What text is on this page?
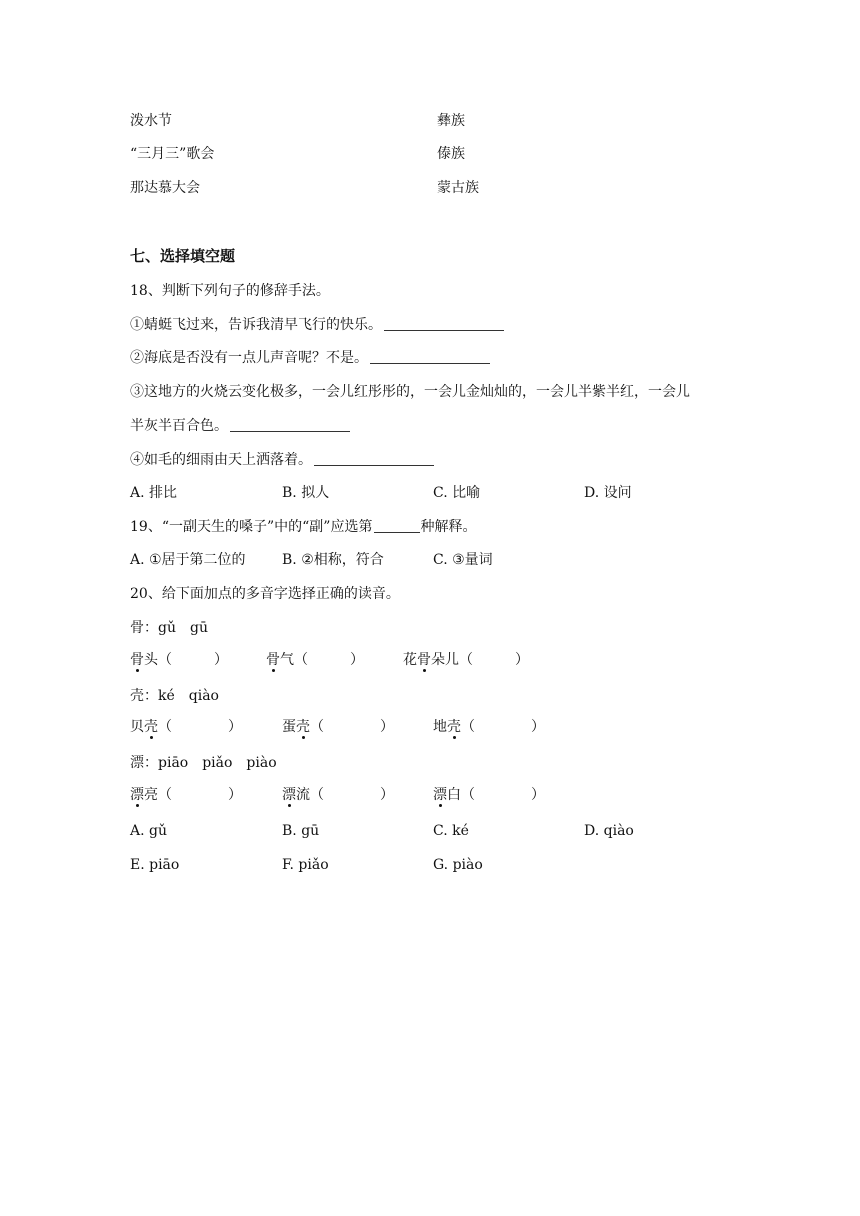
泼水节	彝族
“三月三”歌会	傣族
那达慕大会	蒙古族
七、选择填空题
18、判断下列句子的修辞手法。
①蜻蜓飞过来，告诉我清早飞行的快乐。
②海底是否没有一点儿声音呢？不是。
③这地方的火烧云变化极多，一会儿红彤彤的，一会儿金灿灿的，一会儿半紫半红，一会儿
半灰半百合色。
④如毛的细雨由天上洒落着。
A. 排比	B. 拟人	C. 比喻	D. 设问
19、“一副天生的嗓子”中的“副”应选第	种解释。
A. ①居于第二位的	B. ②相称，符合	C. ③量词
20、给下面加点的多音字选择正确的读音。
骨：gǔ　gū
骨头（　　　）	骨气（　　　）	花骨朵儿（　　　）
壳：ké　qiào
贝壳（　　　　）	蛋壳（　　　　）	地壳（　　　　）
漂：piāo　piǎo　piào
漂亮（　　　　）	漂流（　　　　）	漂白（　　　　）
A. gǔ	B. gū	C. ké	D. qiào
E. piāo	F. piǎo	G. piào
